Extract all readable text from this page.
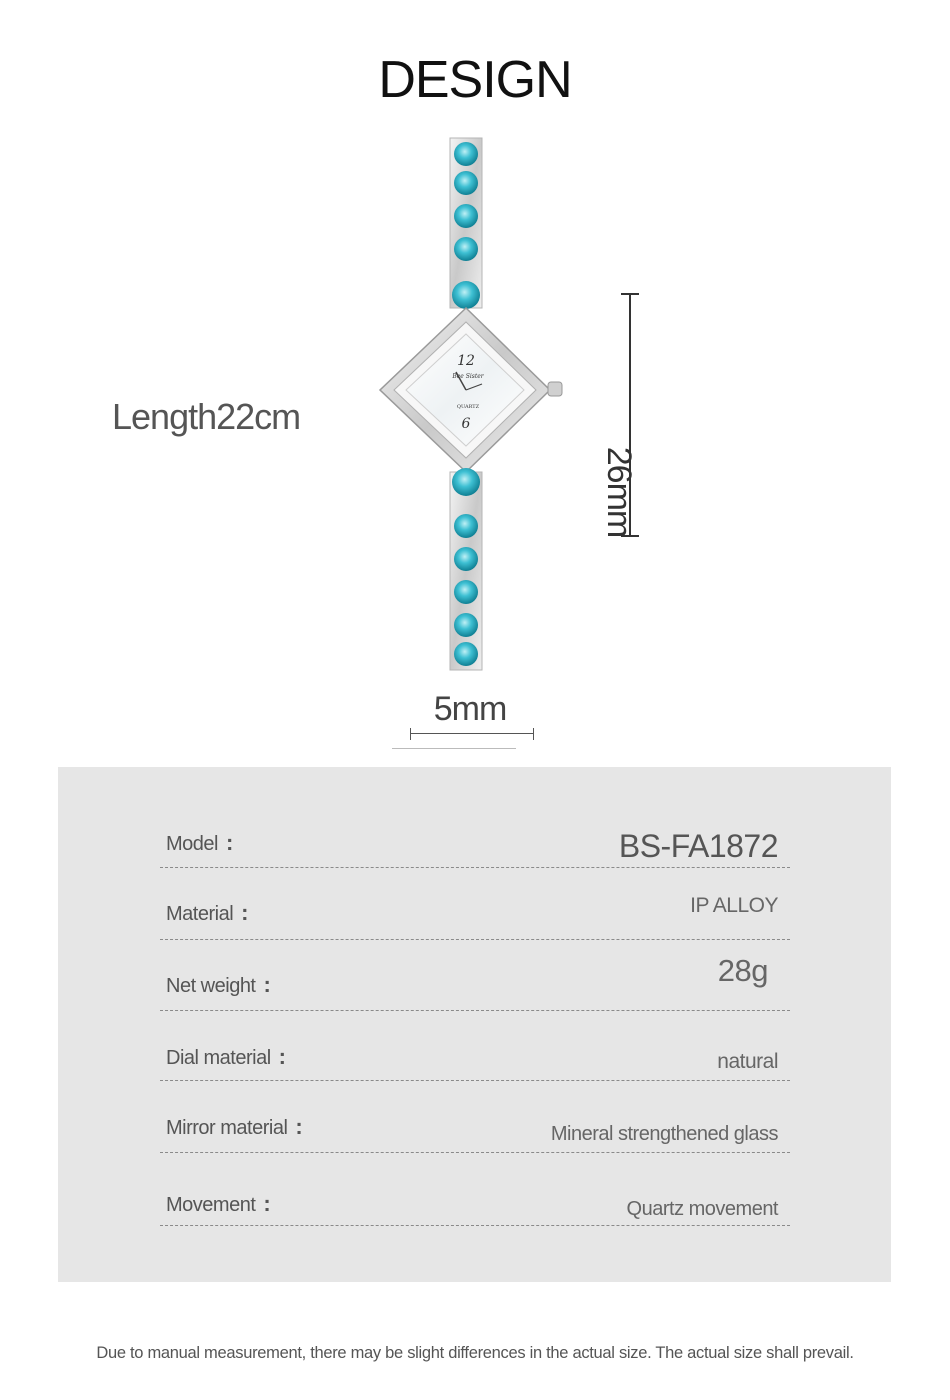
DESIGN
Length22cm
12
Bee Sister
QUARTZ
6
26mm
5mm
Model :	BS-FA1872
Material :	IP ALLOY
Net weight :	28g
Dial material :	natural
Mirror material :	Mineral strengthened glass
Movement :	Quartz movement
Due to manual measurement, there may be slight differences in the actual size. The actual size shall prevail.
